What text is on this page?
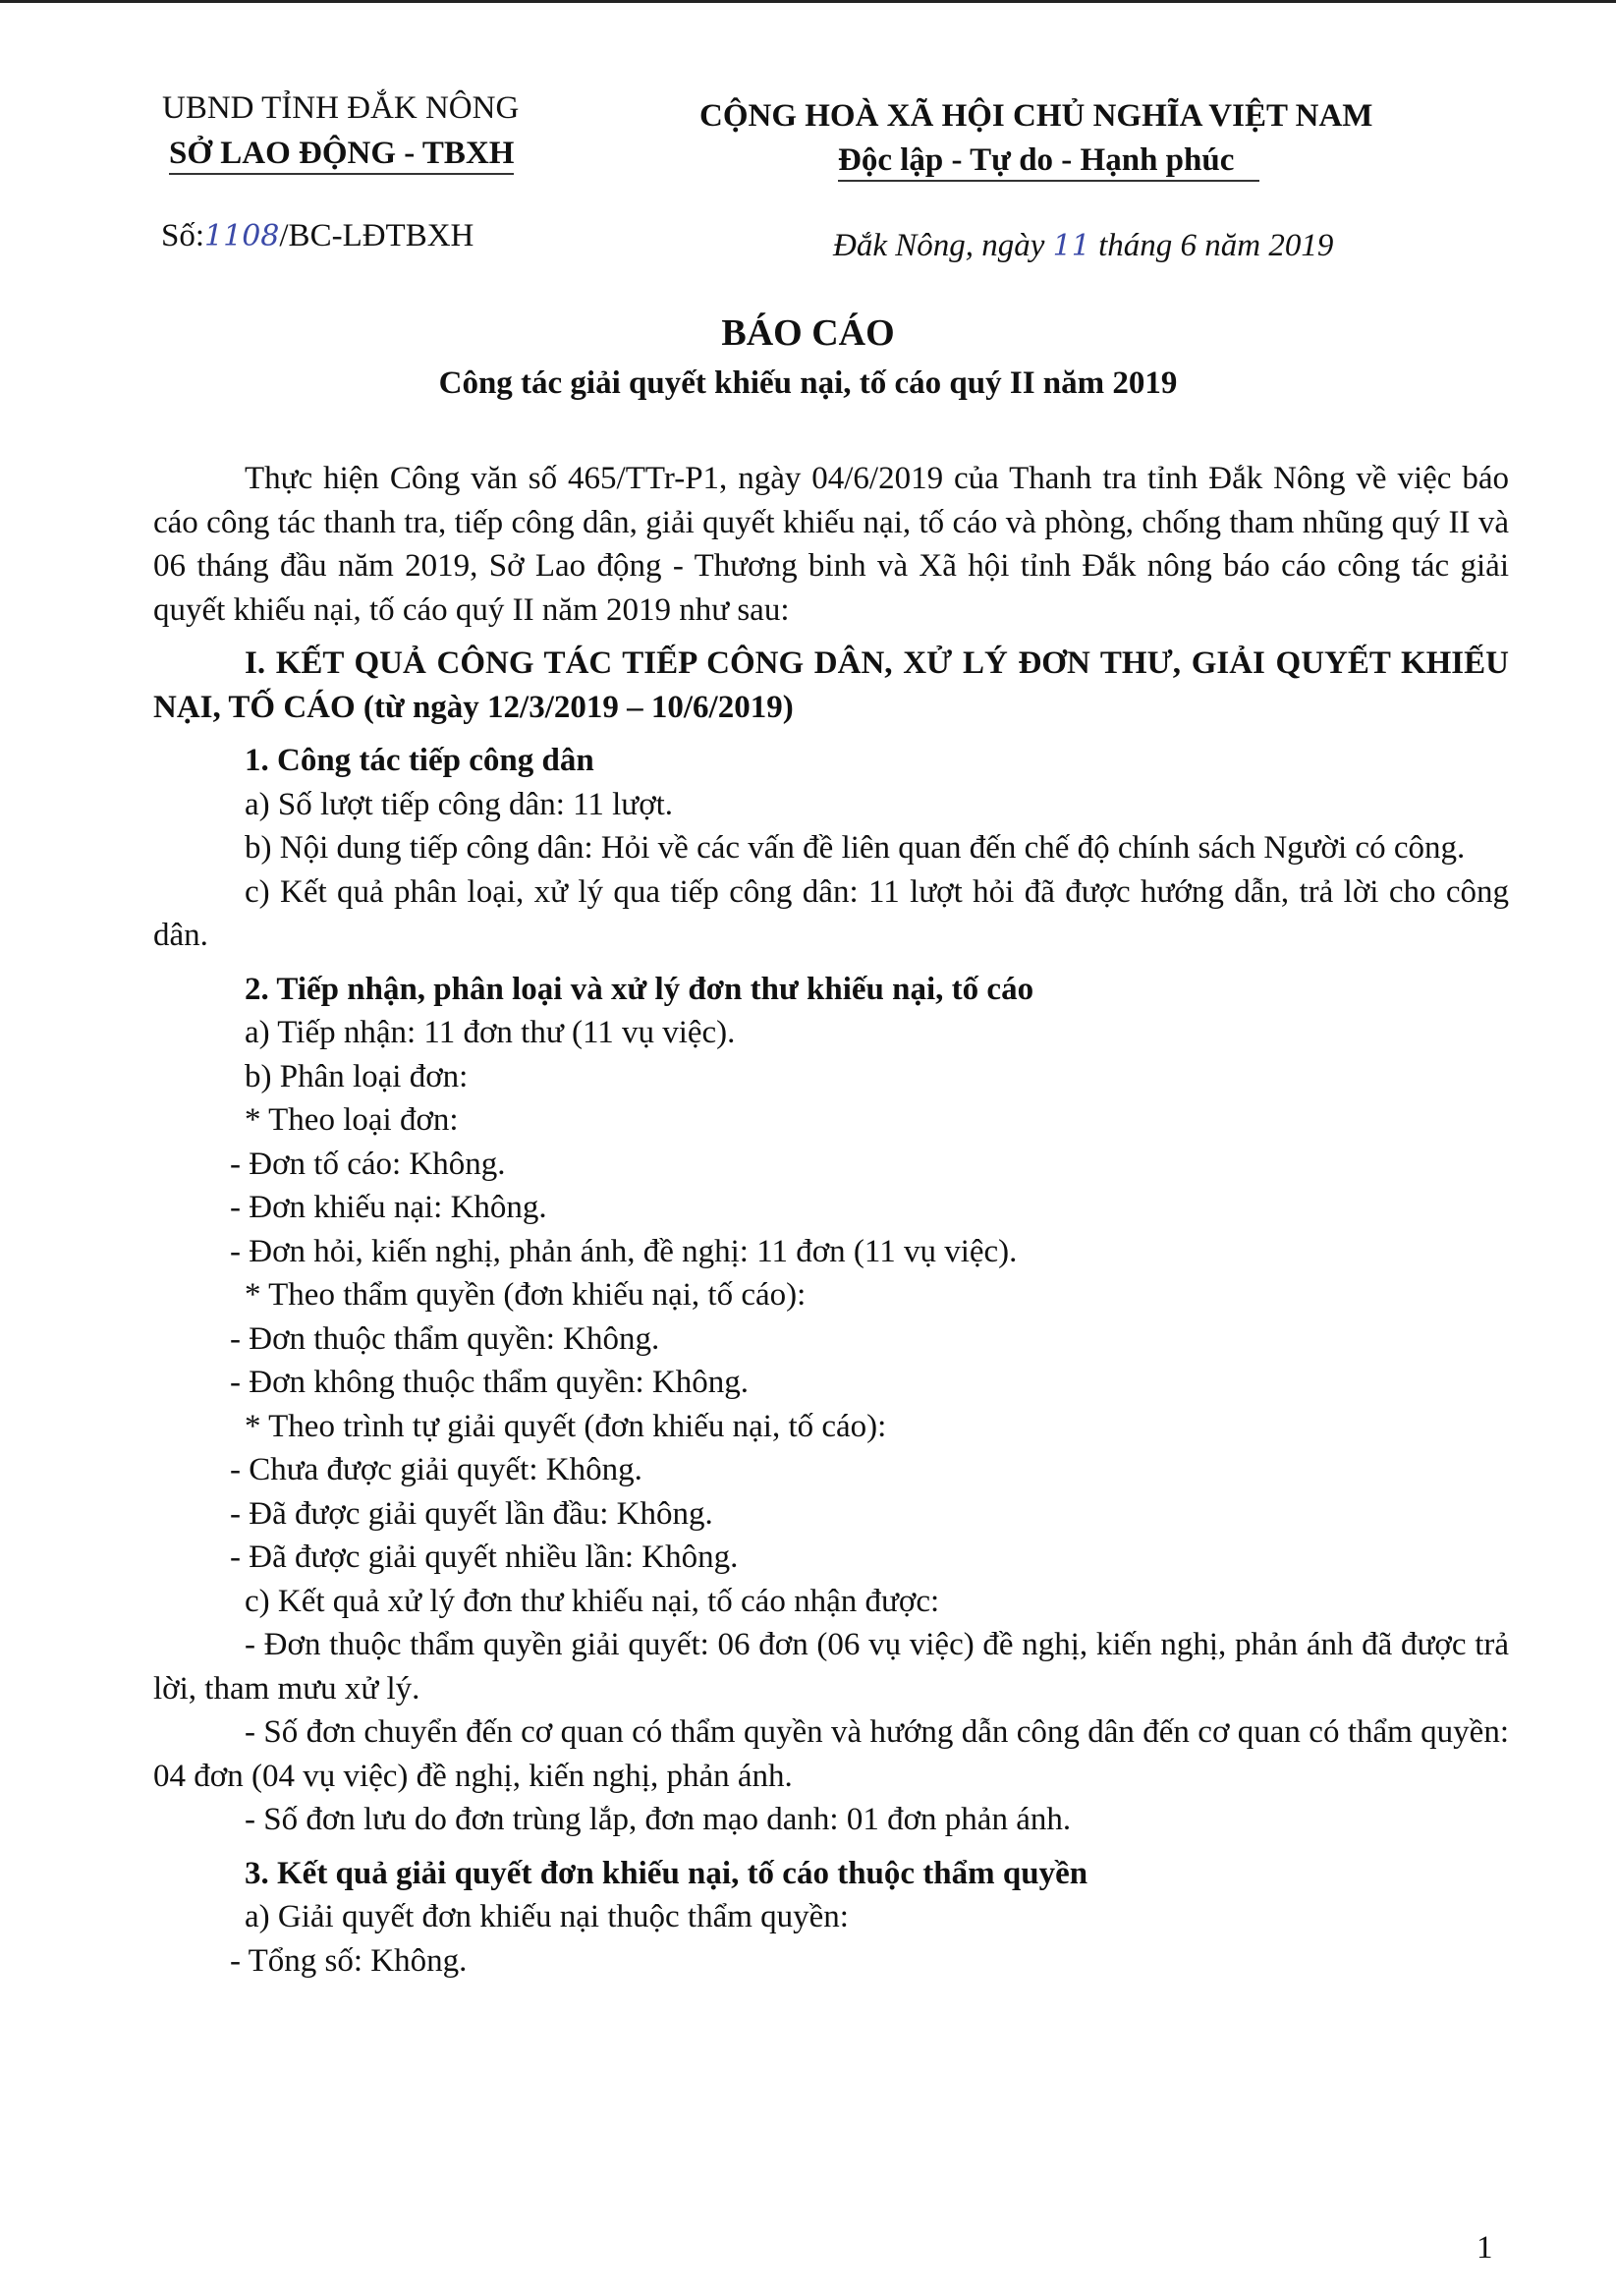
UBND TỈNH ĐẮK NÔNG
SỞ LAO ĐỘNG - TBXH
CỘNG HOÀ XÃ HỘI CHỦ NGHĨA VIỆT NAM
Độc lập - Tự do - Hạnh phúc
Số:1108/BC-LĐTBXH	Đắk Nông, ngày 11 tháng 6 năm 2019
BÁO CÁO
Công tác giải quyết khiếu nại, tố cáo quý II năm 2019

Thực hiện Công văn số 465/TTr-P1, ngày 04/6/2019 của Thanh tra tỉnh Đắk Nông về việc báo cáo công tác thanh tra, tiếp công dân, giải quyết khiếu nại, tố cáo và phòng, chống tham nhũng quý II và 06 tháng đầu năm 2019, Sở Lao động - Thương binh và Xã hội tỉnh Đắk nông báo cáo công tác giải quyết khiếu nại, tố cáo quý II năm 2019 như sau:

I. KẾT QUẢ CÔNG TÁC TIẾP CÔNG DÂN, XỬ LÝ ĐƠN THƯ, GIẢI QUYẾT KHIẾU NẠI, TỐ CÁO (từ ngày 12/3/2019 – 10/6/2019)

1. Công tác tiếp công dân

a) Số lượt tiếp công dân: 11 lượt.

b) Nội dung tiếp công dân: Hỏi về các vấn đề liên quan đến chế độ chính sách Người có công.

c) Kết quả phân loại, xử lý qua tiếp công dân: 11 lượt hỏi đã được hướng dẫn, trả lời cho công dân.

2. Tiếp nhận, phân loại và xử lý đơn thư khiếu nại, tố cáo

a) Tiếp nhận: 11 đơn thư (11 vụ việc).

b) Phân loại đơn:

* Theo loại đơn:

- Đơn tố cáo: Không.

- Đơn khiếu nại: Không.

- Đơn hỏi, kiến nghị, phản ánh, đề nghị: 11 đơn (11 vụ việc).

* Theo thẩm quyền (đơn khiếu nại, tố cáo):

- Đơn thuộc thẩm quyền: Không.

- Đơn không thuộc thẩm quyền: Không.

* Theo trình tự giải quyết (đơn khiếu nại, tố cáo):

- Chưa được giải quyết: Không.

- Đã được giải quyết lần đầu: Không.

- Đã được giải quyết nhiều lần: Không.

c) Kết quả xử lý đơn thư khiếu nại, tố cáo nhận được:

- Đơn thuộc thẩm quyền giải quyết: 06 đơn (06 vụ việc) đề nghị, kiến nghị, phản ánh đã được trả lời, tham mưu xử lý.

- Số đơn chuyển đến cơ quan có thẩm quyền và hướng dẫn công dân đến cơ quan có thẩm quyền: 04 đơn (04 vụ việc) đề nghị, kiến nghị, phản ánh.

- Số đơn lưu do đơn trùng lắp, đơn mạo danh: 01 đơn phản ánh.

3. Kết quả giải quyết đơn khiếu nại, tố cáo thuộc thẩm quyền

a) Giải quyết đơn khiếu nại thuộc thẩm quyền:

- Tổng số: Không.

1
